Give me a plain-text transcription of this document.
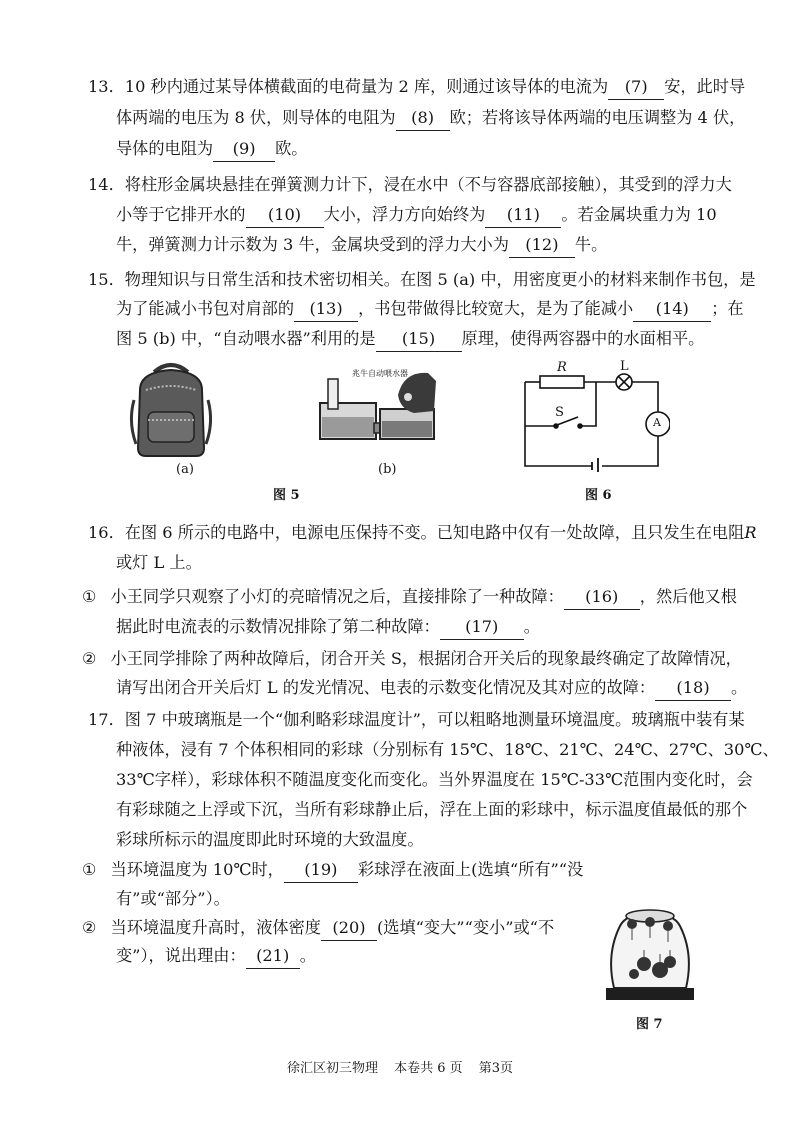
13．10 秒内通过某导体横截面的电荷量为 2 库，则通过该导体的电流为 (7) 安，此时导
体两端的电压为 8 伏，则导体的电阻为 (8) 欧；若将该导体两端的电压调整为 4 伏，
导体的电阻为 (9) 欧。
14．将柱形金属块悬挂在弹簧测力计下，浸在水中（不与容器底部接触），其受到的浮力大
小等于它排开水的 (10) 大小，浮力方向始终为 (11) 。若金属块重力为 10
牛，弹簧测力计示数为 3 牛，金属块受到的浮力大小为 (12) 牛。
15．物理知识与日常生活和技术密切相关。在图 5 (a) 中，用密度更小的材料来制作书包，是
为了能减小书包对肩部的 (13) ，书包带做得比较宽大，是为了能减小 (14) ；在
图 5 (b) 中，“自动喂水器”利用的是 (15) 原理，使得两容器中的水面相平。
(a)
兆牛自动喂水器
(b)
图 5
R	L
S
A
图 6
16．在图 6 所示的电路中，电源电压保持不变。已知电路中仅有一处故障，且只发生在电阻R
或灯 L 上。
① 小王同学只观察了小灯的亮暗情况之后，直接排除了一种故障： (16) ，然后他又根
据此时电流表的示数情况排除了第二种故障： (17) 。
② 小王同学排除了两种故障后，闭合开关 S，根据闭合开关后的现象最终确定了故障情况，
请写出闭合开关后灯 L 的发光情况、电表的示数变化情况及其对应的故障： (18) 。
17．图 7 中玻璃瓶是一个“伽利略彩球温度计”，可以粗略地测量环境温度。玻璃瓶中装有某
种液体，浸有 7 个体积相同的彩球（分别标有 15℃、18℃、21℃、24℃、27℃、30℃、
33℃字样），彩球体积不随温度变化而变化。当外界温度在 15℃-33℃范围内变化时，会
有彩球随之上浮或下沉，当所有彩球静止后，浮在上面的彩球中，标示温度值最低的那个
彩球所标示的温度即此时环境的大致温度。
① 当环境温度为 10℃时， (19) 彩球浮在液面上(选填“所有”“没
有”或“部分”）。
② 当环境温度升高时，液体密度 (20) (选填“变大”“变小”或“不
变”），说出理由： (21) 。
图 7
徐汇区初三物理 本卷共 6 页 第3页
